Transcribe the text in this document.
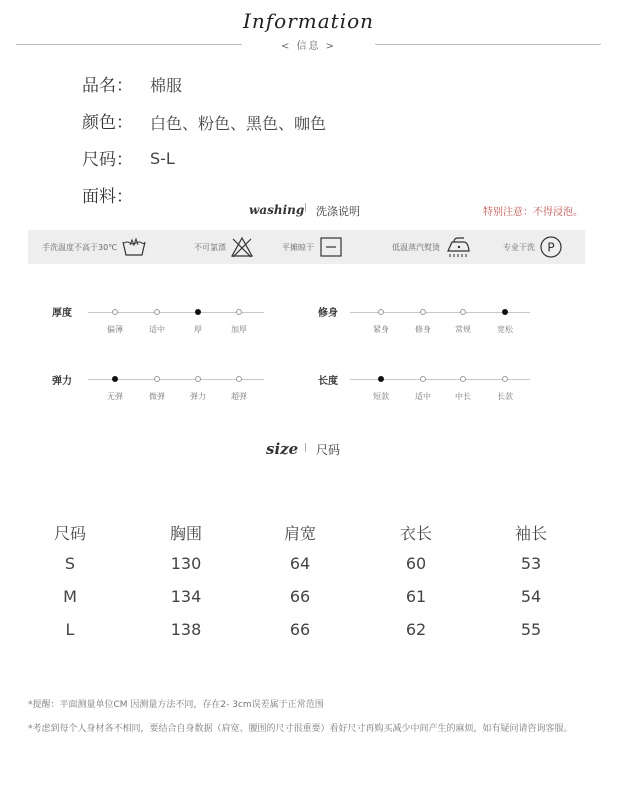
Information
< 信息 >
品名： 棉服
颜色： 白色、粉色、黑色、咖色
尺码： S-L
面料：
washing | 洗涤说明	特别注意：不得浸泡。
手洗温度不高于30℃	不可氯漂	平摊晾干	低温蒸汽熨烫	专业干洗 P
厚度
偏薄	适中	厚	加厚
修身
紧身	修身	常规	宽松
弹力
无弹	微弹	弹力	超弹
长度
短款	适中	中长	长款
size | 尺码
尺码	胸围	肩宽	衣长	袖长
S	130	64	60	53
M	134	66	61	54
L	138	66	62	55
*提醒：平面测量单位CM 因测量方法不同，存在2- 3cm误差属于正常范围
*考虑到每个人身材各不相同，要结合自身数据（肩宽、腰围的尺寸很重要）看好尺寸再购买减少中间产生的麻烦，如有疑问请咨询客服。
